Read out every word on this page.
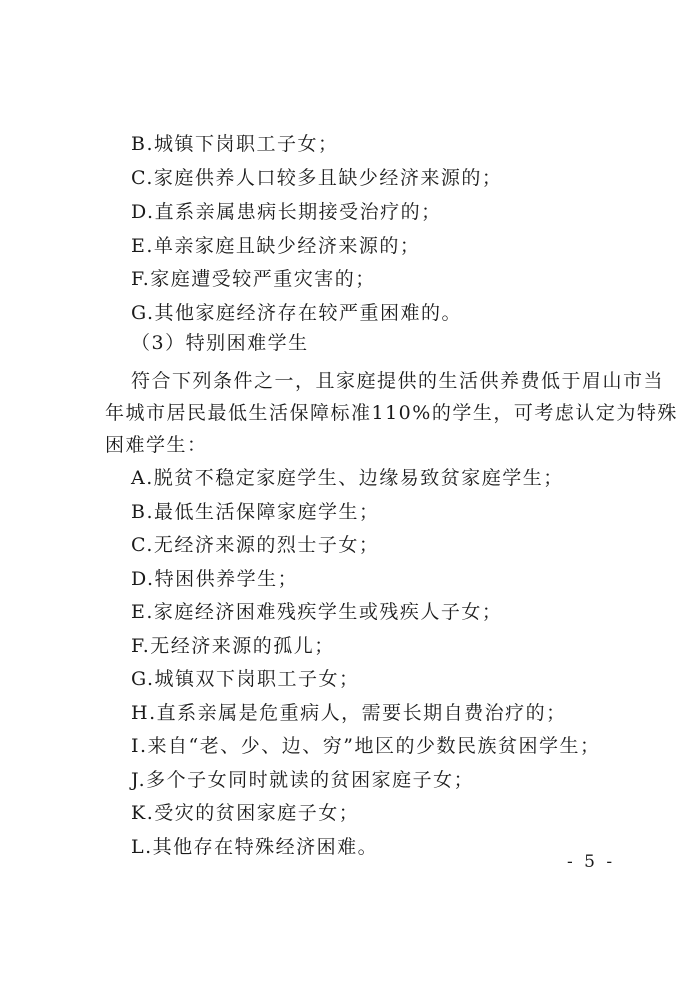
B.城镇下岗职工子女；
C.家庭供养人口较多且缺少经济来源的；
D.直系亲属患病长期接受治疗的；
E.单亲家庭且缺少经济来源的；
F.家庭遭受较严重灾害的；
G.其他家庭经济存在较严重困难的。
（3）特别困难学生
符合下列条件之一，且家庭提供的生活供养费低于眉山市当
年城市居民最低生活保障标准110%的学生，可考虑认定为特殊
困难学生：
A.脱贫不稳定家庭学生、边缘易致贫家庭学生；
B.最低生活保障家庭学生；
C.无经济来源的烈士子女；
D.特困供养学生；
E.家庭经济困难残疾学生或残疾人子女；
F.无经济来源的孤儿；
G.城镇双下岗职工子女；
H.直系亲属是危重病人，需要长期自费治疗的；
I.来自“老、少、边、穷”地区的少数民族贫困学生；
J.多个子女同时就读的贫困家庭子女；
K.受灾的贫困家庭子女；
L.其他存在特殊经济困难。
- 5 -
